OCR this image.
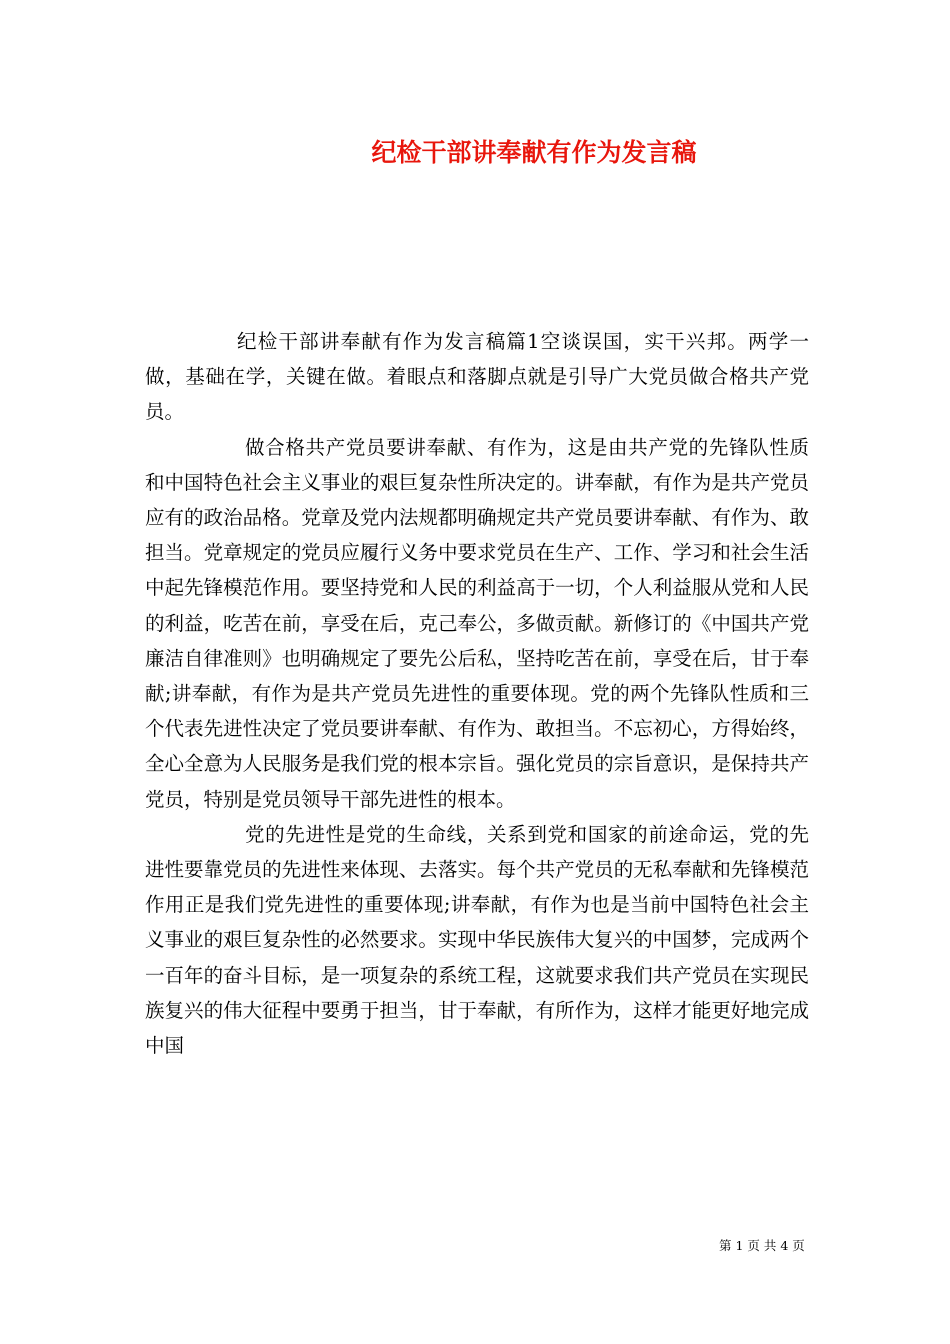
纪检干部讲奉献有作为发言稿

纪检干部讲奉献有作为发言稿篇1空谈误国，实干兴邦。两学一做，基础在学，关键在做。着眼点和落脚点就是引导广大党员做合格共产党员。

做合格共产党员要讲奉献、有作为，这是由共产党的先锋队性质和中国特色社会主义事业的艰巨复杂性所决定的。讲奉献，有作为是共产党员应有的政治品格。党章及党内法规都明确规定共产党员要讲奉献、有作为、敢担当。党章规定的党员应履行义务中要求党员在生产、工作、学习和社会生活中起先锋模范作用。要坚持党和人民的利益高于一切，个人利益服从党和人民的利益，吃苦在前，享受在后，克己奉公，多做贡献。新修订的《中国共产党廉洁自律准则》也明确规定了要先公后私，坚持吃苦在前，享受在后，甘于奉献;讲奉献，有作为是共产党员先进性的重要体现。党的两个先锋队性质和三个代表先进性决定了党员要讲奉献、有作为、敢担当。不忘初心，方得始终，全心全意为人民服务是我们党的根本宗旨。强化党员的宗旨意识，是保持共产党员，特别是党员领导干部先进性的根本。

党的先进性是党的生命线，关系到党和国家的前途命运，党的先进性要靠党员的先进性来体现、去落实。每个共产党员的无私奉献和先锋模范作用正是我们党先进性的重要体现;讲奉献，有作为也是当前中国特色社会主义事业的艰巨复杂性的必然要求。实现中华民族伟大复兴的中国梦，完成两个一百年的奋斗目标，是一项复杂的系统工程，这就要求我们共产党员在实现民族复兴的伟大征程中要勇于担当，甘于奉献，有所作为，这样才能更好地完成中国

第 1 页 共 4 页
